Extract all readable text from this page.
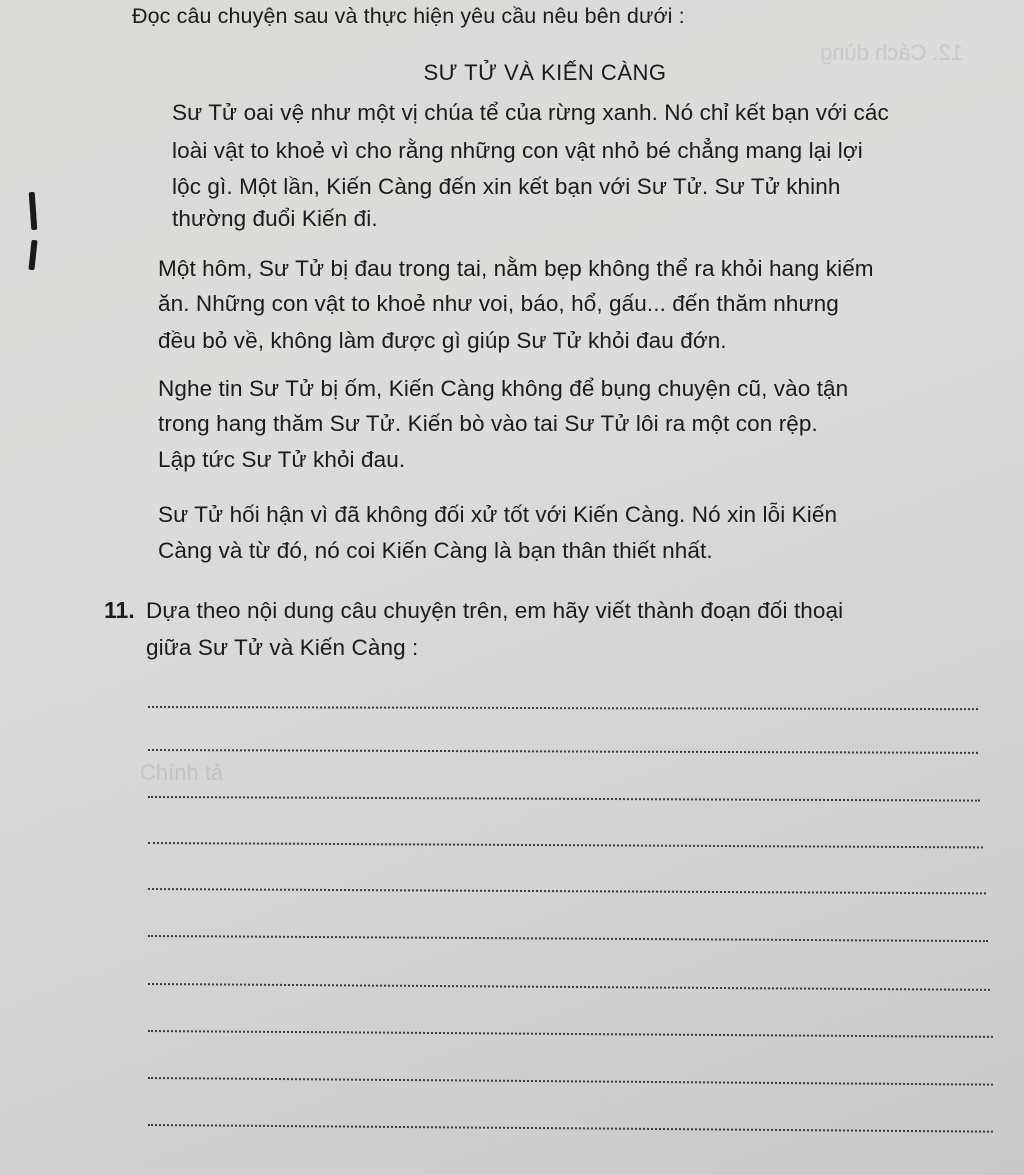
12. Cách dùng
Chính tả
Đọc câu chuyện sau và thực hiện yêu cầu nêu bên dưới :
SƯ TỬ VÀ KIẾN CÀNG
Sư Tử oai vệ như một vị chúa tể của rừng xanh. Nó chỉ kết bạn với các
loài vật to khoẻ vì cho rằng những con vật nhỏ bé chẳng mang lại lợi
lộc gì. Một lần, Kiến Càng đến xin kết bạn với Sư Tử. Sư Tử khinh
thường đuổi Kiến đi.
Một hôm, Sư Tử bị đau trong tai, nằm bẹp không thể ra khỏi hang kiếm
ăn. Những con vật to khoẻ như voi, báo, hổ, gấu... đến thăm nhưng
đều bỏ về, không làm được gì giúp Sư Tử khỏi đau đớn.
Nghe tin Sư Tử bị ốm, Kiến Càng không để bụng chuyện cũ, vào tận
trong hang thăm Sư Tử. Kiến bò vào tai Sư Tử lôi ra một con rệp.
Lập tức Sư Tử khỏi đau.
Sư Tử hối hận vì đã không đối xử tốt với Kiến Càng. Nó xin lỗi Kiến
Càng và từ đó, nó coi Kiến Càng là bạn thân thiết nhất.
11. Dựa theo nội dung câu chuyện trên, em hãy viết thành đoạn đối thoại
giữa Sư Tử và Kiến Càng :
